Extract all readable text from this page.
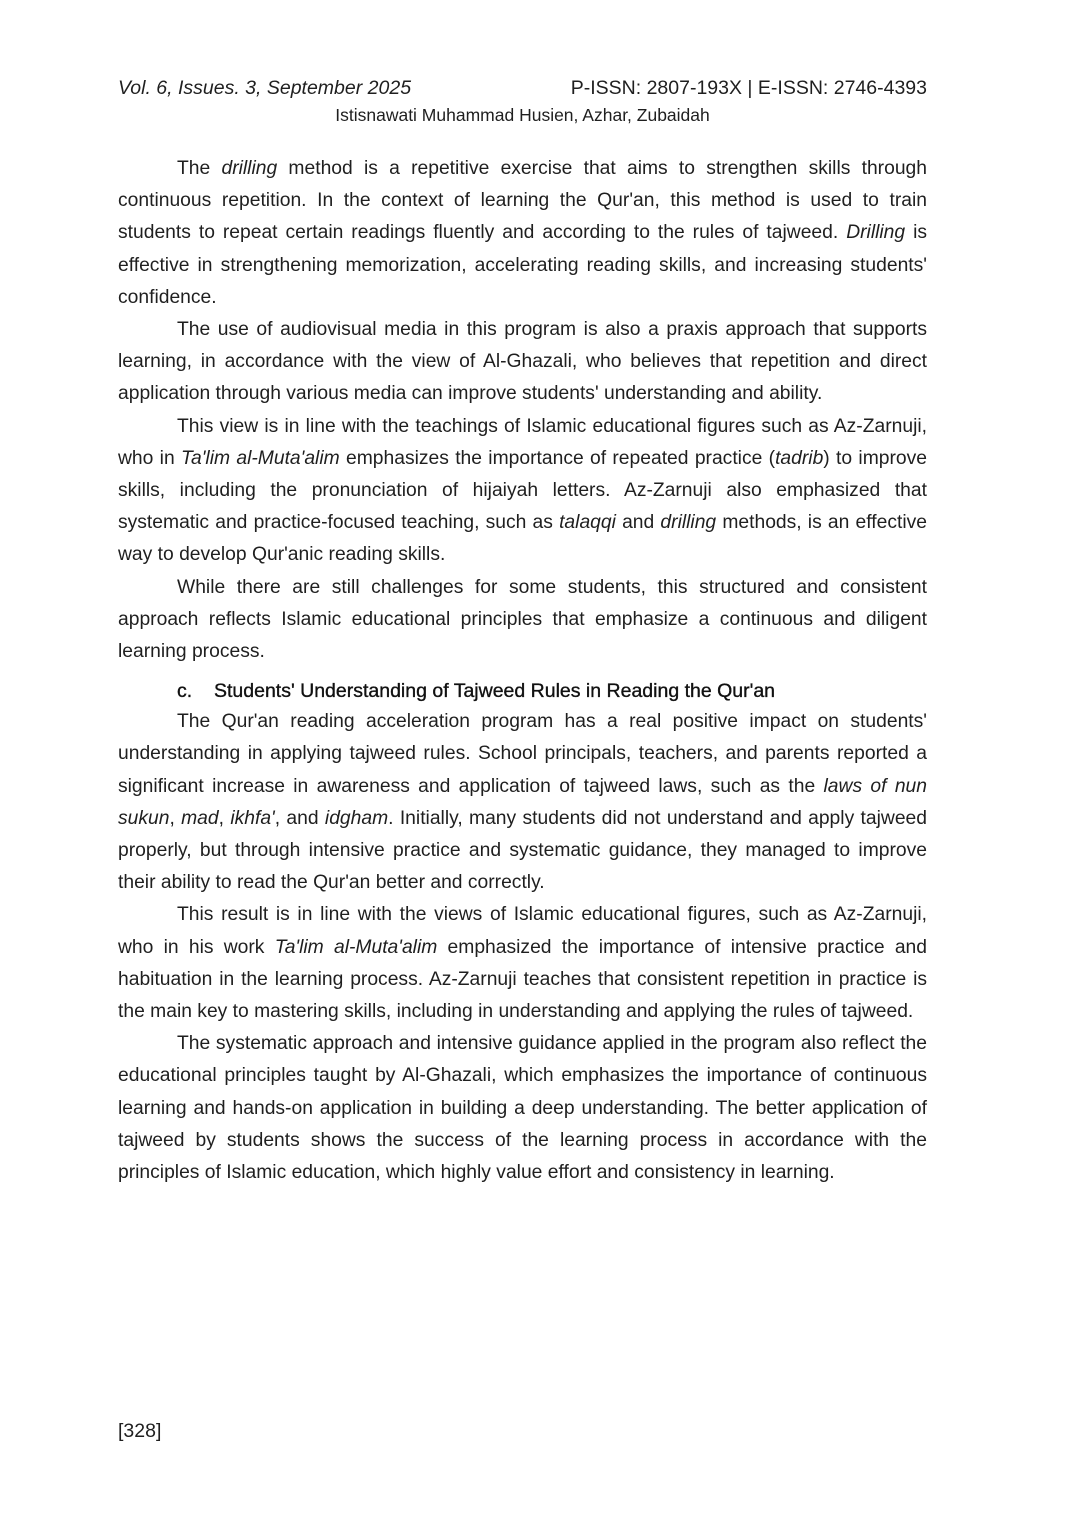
Vol. 6, Issues. 3, September 2025	P-ISSN: 2807-193X | E-ISSN: 2746-4393
Istisnawati Muhammad Husien, Azhar, Zubaidah

The drilling method is a repetitive exercise that aims to strengthen skills through continuous repetition. In the context of learning the Qur'an, this method is used to train students to repeat certain readings fluently and according to the rules of tajweed. Drilling is effective in strengthening memorization, accelerating reading skills, and increasing students' confidence.

The use of audiovisual media in this program is also a praxis approach that supports learning, in accordance with the view of Al-Ghazali, who believes that repetition and direct application through various media can improve students' understanding and ability.

This view is in line with the teachings of Islamic educational figures such as Az-Zarnuji, who in Ta'lim al-Muta'alim emphasizes the importance of repeated practice (tadrib) to improve skills, including the pronunciation of hijaiyah letters. Az-Zarnuji also emphasized that systematic and practice-focused teaching, such as talaqqi and drilling methods, is an effective way to develop Qur'anic reading skills.

While there are still challenges for some students, this structured and consistent approach reflects Islamic educational principles that emphasize a continuous and diligent learning process.

c. Students' Understanding of Tajweed Rules in Reading the Qur'an

The Qur'an reading acceleration program has a real positive impact on students' understanding in applying tajweed rules. School principals, teachers, and parents reported a significant increase in awareness and application of tajweed laws, such as the laws of nun sukun, mad, ikhfa', and idgham. Initially, many students did not understand and apply tajweed properly, but through intensive practice and systematic guidance, they managed to improve their ability to read the Qur'an better and correctly.

This result is in line with the views of Islamic educational figures, such as Az-Zarnuji, who in his work Ta'lim al-Muta'alim emphasized the importance of intensive practice and habituation in the learning process. Az-Zarnuji teaches that consistent repetition in practice is the main key to mastering skills, including in understanding and applying the rules of tajweed.

The systematic approach and intensive guidance applied in the program also reflect the educational principles taught by Al-Ghazali, which emphasizes the importance of continuous learning and hands-on application in building a deep understanding. The better application of tajweed by students shows the success of the learning process in accordance with the principles of Islamic education, which highly value effort and consistency in learning.

[328]
